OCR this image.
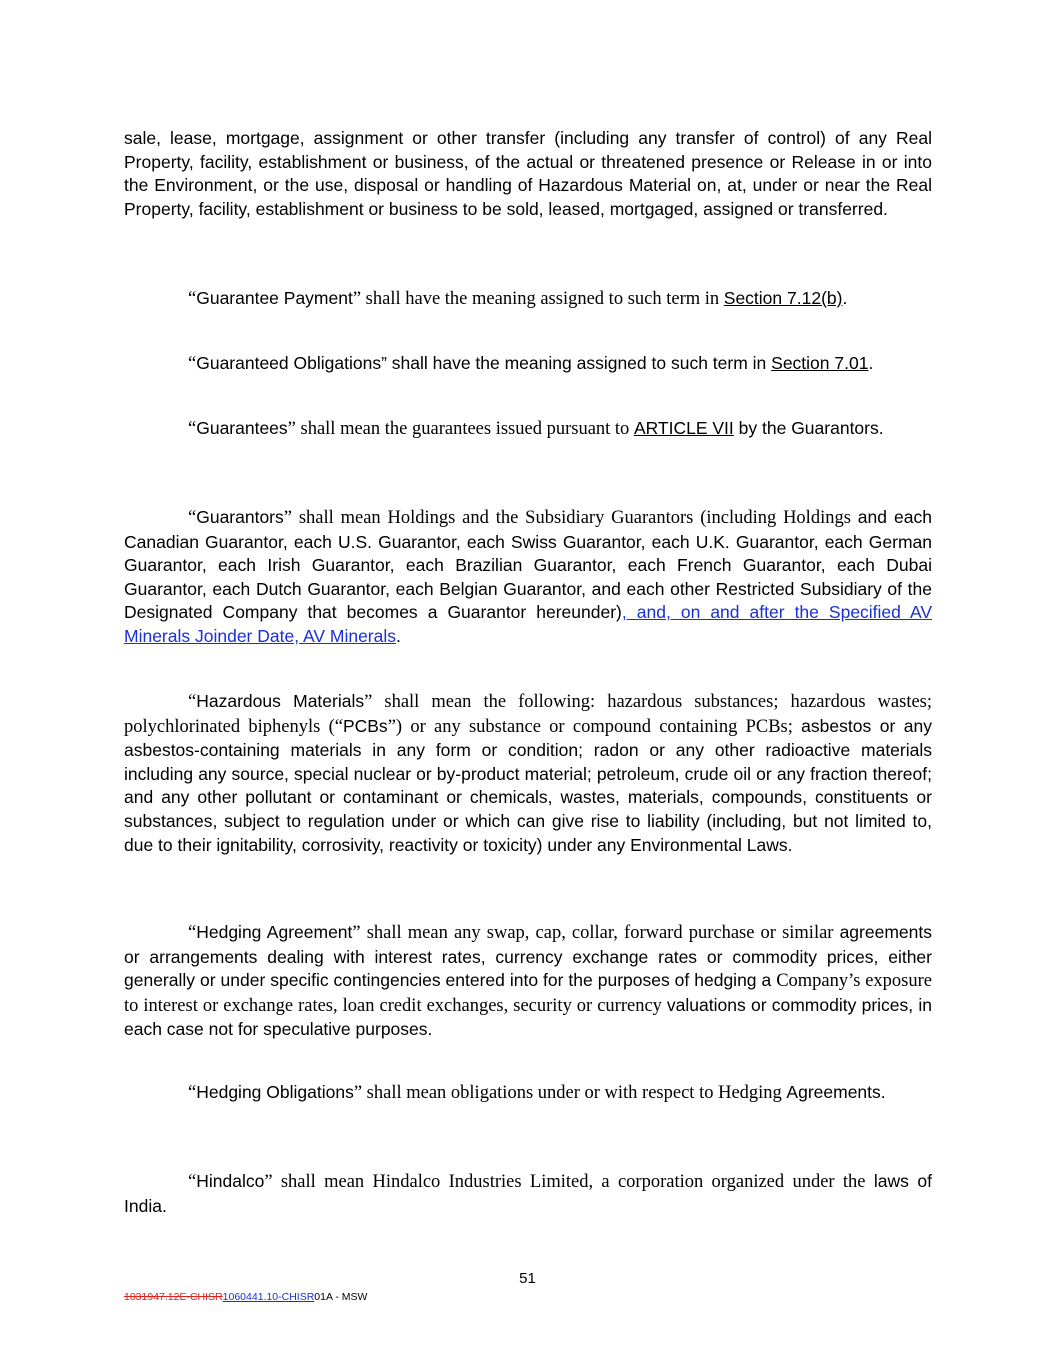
sale, lease, mortgage, assignment or other transfer (including any transfer of control) of any Real Property, facility, establishment or business, of the actual or threatened presence or Release in or into the Environment, or the use, disposal or handling of Hazardous Material on, at, under or near the Real Property, facility, establishment or business to be sold, leased, mortgaged, assigned or transferred.
“Guarantee Payment” shall have the meaning assigned to such term in Section 7.12(b).
“Guaranteed Obligations” shall have the meaning assigned to such term in Section 7.01.
“Guarantees” shall mean the guarantees issued pursuant to ARTICLE VII by the Guarantors.
“Guarantors” shall mean Holdings and the Subsidiary Guarantors (including Holdings and each Canadian Guarantor, each U.S. Guarantor, each Swiss Guarantor, each U.K. Guarantor, each German Guarantor, each Irish Guarantor, each Brazilian Guarantor, each French Guarantor, each Dubai Guarantor, each Dutch Guarantor, each Belgian Guarantor, and each other Restricted Subsidiary of the Designated Company that becomes a Guarantor hereunder), and, on and after the Specified AV Minerals Joinder Date, AV Minerals.
“Hazardous Materials” shall mean the following: hazardous substances; hazardous wastes; polychlorinated biphenyls (“PCBs”) or any substance or compound containing PCBs; asbestos or any asbestos-containing materials in any form or condition; radon or any other radioactive materials including any source, special nuclear or by-product material; petroleum, crude oil or any fraction thereof; and any other pollutant or contaminant or chemicals, wastes, materials, compounds, constituents or substances, subject to regulation under or which can give rise to liability (including, but not limited to, due to their ignitability, corrosivity, reactivity or toxicity) under any Environmental Laws.
“Hedging Agreement” shall mean any swap, cap, collar, forward purchase or similar agreements or arrangements dealing with interest rates, currency exchange rates or commodity prices, either generally or under specific contingencies entered into for the purposes of hedging a Company’s exposure to interest or exchange rates, loan credit exchanges, security or currency valuations or commodity prices, in each case not for speculative purposes.
“Hedging Obligations” shall mean obligations under or with respect to Hedging Agreements.
“Hindalco” shall mean Hindalco Industries Limited, a corporation organized under the laws of India.
51
1031947.12E-CHISR1060441.10-CHISR01A - MSW
